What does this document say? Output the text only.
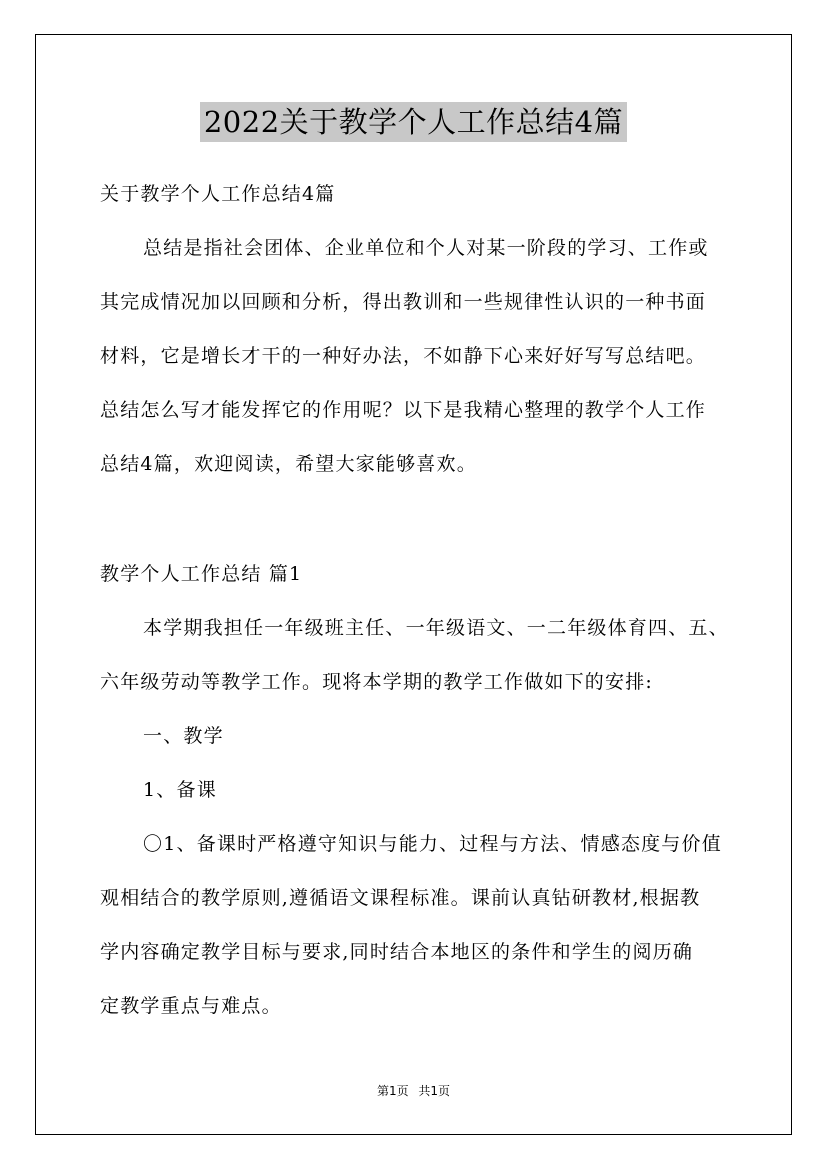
2022关于教学个人工作总结4篇
关于教学个人工作总结4篇
总结是指社会团体、企业单位和个人对某一阶段的学习、工作或
其完成情况加以回顾和分析，得出教训和一些规律性认识的一种书面
材料，它是增长才干的一种好办法，不如静下心来好好写写总结吧。
总结怎么写才能发挥它的作用呢？以下是我精心整理的教学个人工作
总结4篇，欢迎阅读，希望大家能够喜欢。
教学个人工作总结 篇1
本学期我担任一年级班主任、一年级语文、一二年级体育四、五、
六年级劳动等教学工作。现将本学期的教学工作做如下的安排:
一、教学
1、备课
〇1、备课时严格遵守知识与能力、过程与方法、情感态度与价值
观相结合的教学原则,遵循语文课程标准。课前认真钻研教材,根据教
学内容确定教学目标与要求,同时结合本地区的条件和学生的阅历确
定教学重点与难点。
第1页 共1页
